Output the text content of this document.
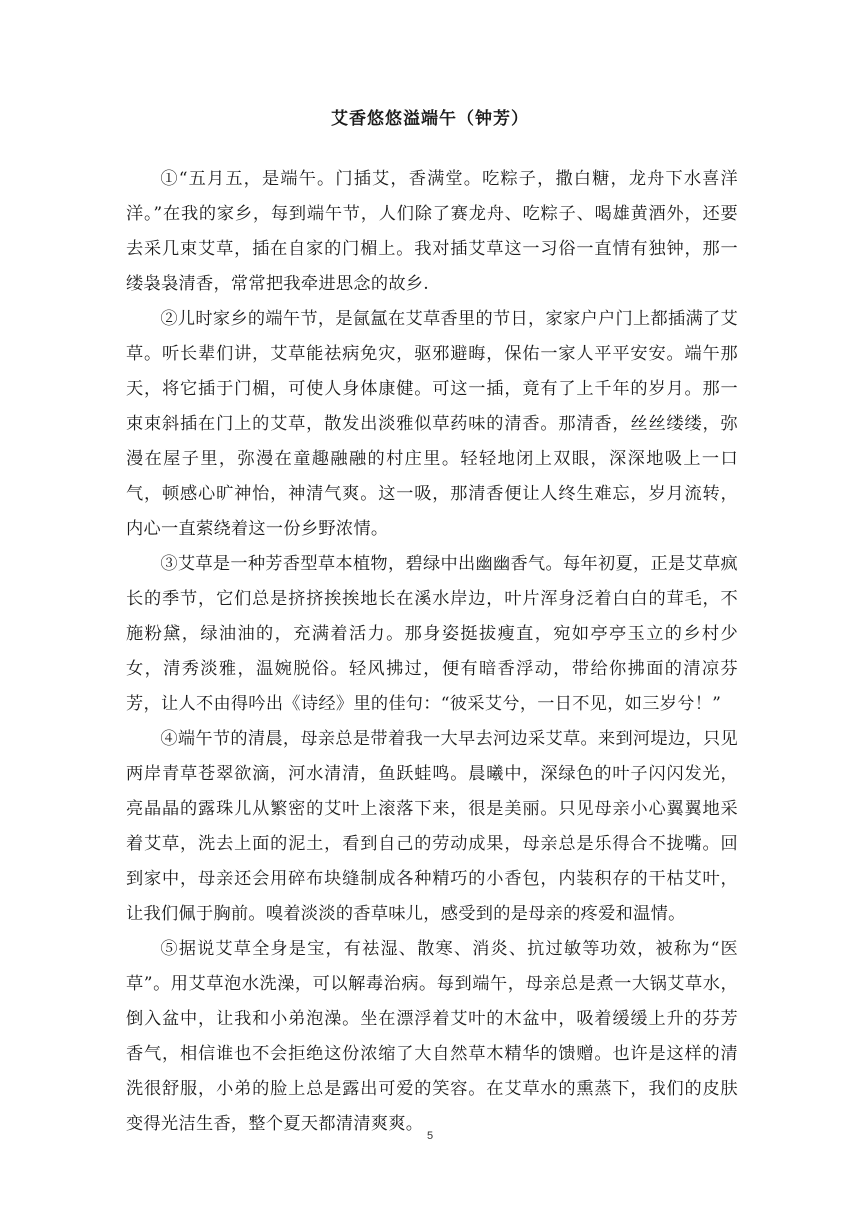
艾香悠悠溢端午（钟芳）

①“五月五，是端午。门插艾，香满堂。吃粽子，撒白糖，龙舟下水喜洋洋。”在我的家乡，每到端午节，人们除了赛龙舟、吃粽子、喝雄黄酒外，还要去采几束艾草，插在自家的门楣上。我对插艾草这一习俗一直情有独钟，那一缕袅袅清香，常常把我牵进思念的故乡.

②儿时家乡的端午节，是氤氲在艾草香里的节日，家家户户门上都插满了艾草。听长辈们讲，艾草能祛病免灾，驱邪避晦，保佑一家人平平安安。端午那天，将它插于门楣，可使人身体康健。可这一插，竟有了上千年的岁月。那一束束斜插在门上的艾草，散发出淡雅似草药味的清香。那清香，丝丝缕缕，弥漫在屋子里，弥漫在童趣融融的村庄里。轻轻地闭上双眼，深深地吸上一口气，顿感心旷神怡，神清气爽。这一吸，那清香便让人终生难忘，岁月流转，内心一直萦绕着这一份乡野浓情。

③艾草是一种芳香型草本植物，碧绿中出幽幽香气。每年初夏，正是艾草疯长的季节，它们总是挤挤挨挨地长在溪水岸边，叶片浑身泛着白白的茸毛，不施粉黛，绿油油的，充满着活力。那身姿挺拔瘦直，宛如亭亭玉立的乡村少女，清秀淡雅，温婉脱俗。轻风拂过，便有暗香浮动，带给你拂面的清凉芬芳，让人不由得吟出《诗经》里的佳句：“彼采艾兮，一日不见，如三岁兮！”

④端午节的清晨，母亲总是带着我一大早去河边采艾草。来到河堤边，只见两岸青草苍翠欲滴，河水清清，鱼跃蛙鸣。晨曦中，深绿色的叶子闪闪发光，亮晶晶的露珠儿从繁密的艾叶上滚落下来，很是美丽。只见母亲小心翼翼地采着艾草，洗去上面的泥土，看到自己的劳动成果，母亲总是乐得合不拢嘴。回到家中，母亲还会用碎布块缝制成各种精巧的小香包，内装积存的干枯艾叶，让我们佩于胸前。嗅着淡淡的香草味儿，感受到的是母亲的疼爱和温情。

⑤据说艾草全身是宝，有祛湿、散寒、消炎、抗过敏等功效，被称为“医草”。用艾草泡水洗澡，可以解毒治病。每到端午，母亲总是煮一大锅艾草水，倒入盆中，让我和小弟泡澡。坐在漂浮着艾叶的木盆中，吸着缓缓上升的芬芳香气，相信谁也不会拒绝这份浓缩了大自然草木精华的馈赠。也许是这样的清洗很舒服，小弟的脸上总是露出可爱的笑容。在艾草水的熏蒸下，我们的皮肤变得光洁生香，整个夏天都清清爽爽。

5
